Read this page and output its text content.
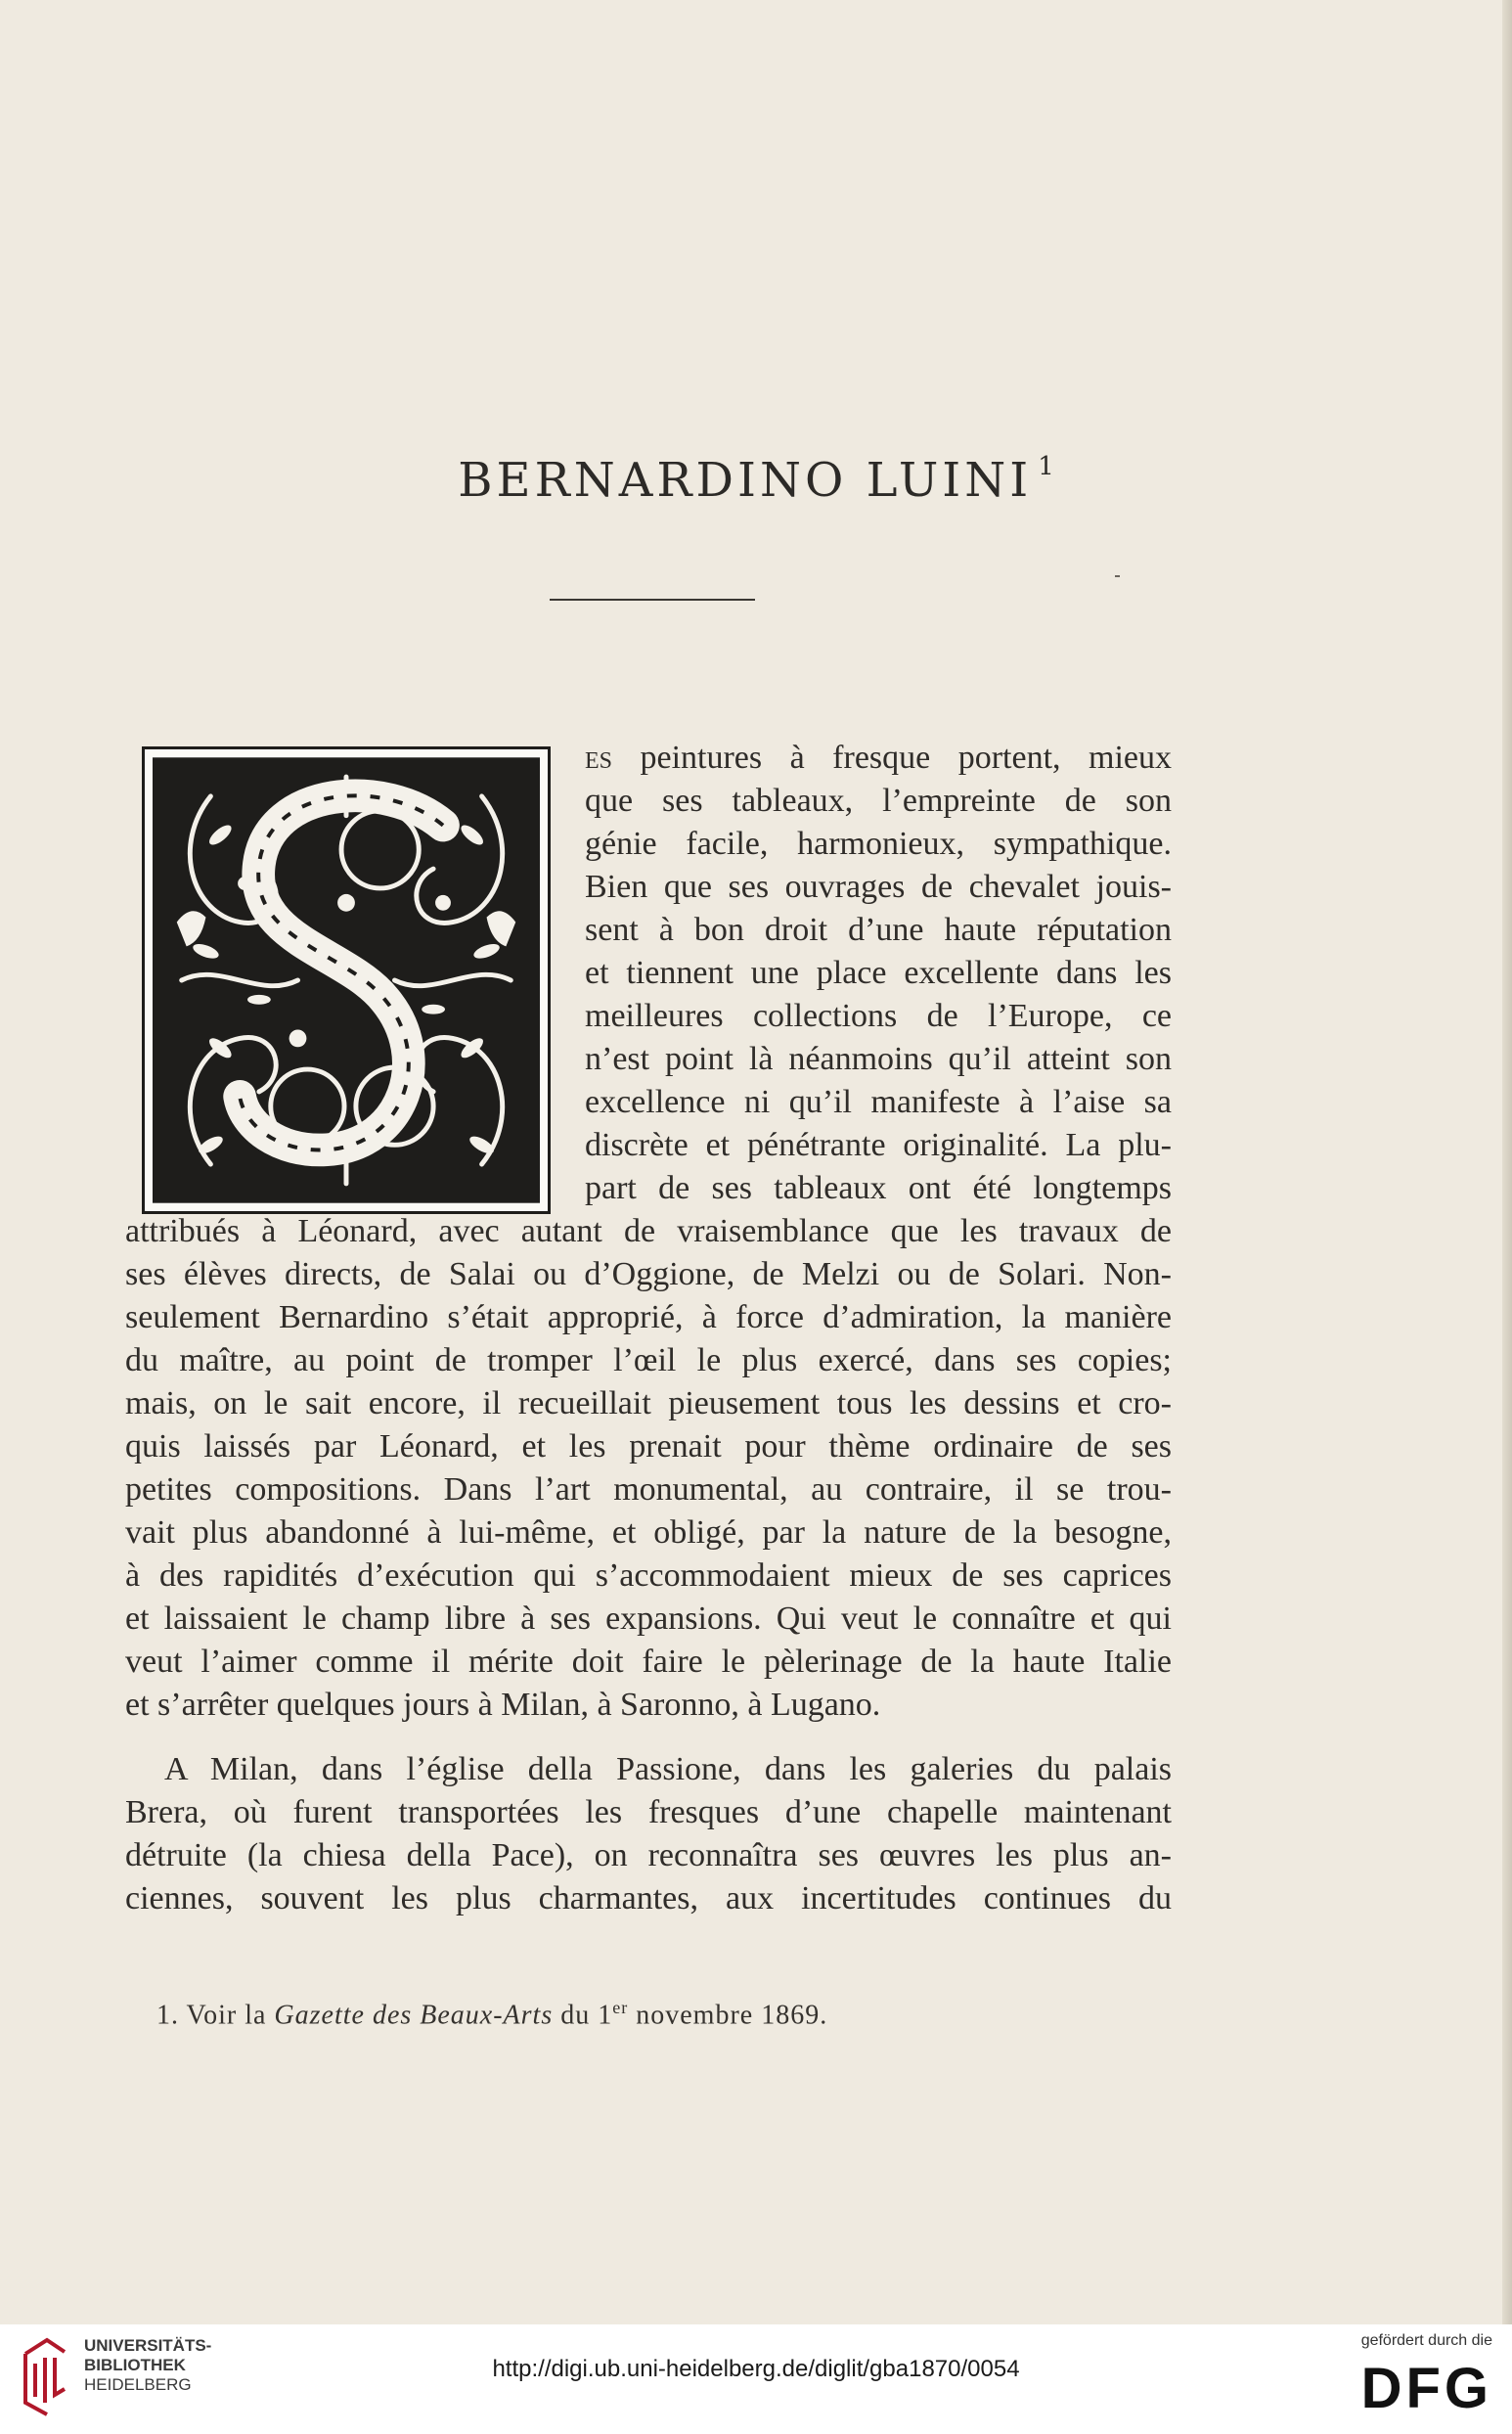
BERNARDINO LUINI $^1$
es peintures à fresque portent, mieux
que ses tableaux, l’empreinte de son
génie facile, harmonieux, sympathique.
Bien que ses ouvrages de chevalet jouis-
sent à bon droit d’une haute réputation
et tiennent une place excellente dans les
meilleures collections de l’Europe, ce
n’est point là néanmoins qu’il atteint son
excellence ni qu’il manifeste à l’aise sa
discrète et pénétrante originalité. La plu-
part de ses tableaux ont été longtemps
attribués à Léonard, avec autant de vraisemblance que les travaux de
ses élèves directs, de Salai ou d’Oggione, de Melzi ou de Solari. Non-
seulement Bernardino s’était approprié, à force d’admiration, la manière
du maître, au point de tromper l’œil le plus exercé, dans ses copies;
mais, on le sait encore, il recueillait pieusement tous les dessins et cro-
quis laissés par Léonard, et les prenait pour thème ordinaire de ses
petites compositions. Dans l’art monumental, au contraire, il se trou-
vait plus abandonné à lui-même, et obligé, par la nature de la besogne,
à des rapidités d’exécution qui s’accommodaient mieux de ses caprices
et laissaient le champ libre à ses expansions. Qui veut le connaître et qui
veut l’aimer comme il mérite doit faire le pèlerinage de la haute Italie
et s’arrêter quelques jours à Milan, à Saronno, à Lugano.
A Milan, dans l’église della Passione, dans les galeries du palais
Brera, où furent transportées les fresques d’une chapelle maintenant
détruite (la chiesa della Pace), on reconnaîtra ses œuvres les plus an-
ciennes, souvent les plus charmantes, aux incertitudes continues du
1. Voir la Gazette des Beaux-Arts du 1er novembre 1869.
UNIVERSITÄTS-
BIBLIOTHEK
HEIDELBERG
http://digi.ub.uni-heidelberg.de/diglit/gba1870/0054
gefördert durch die
DFG
